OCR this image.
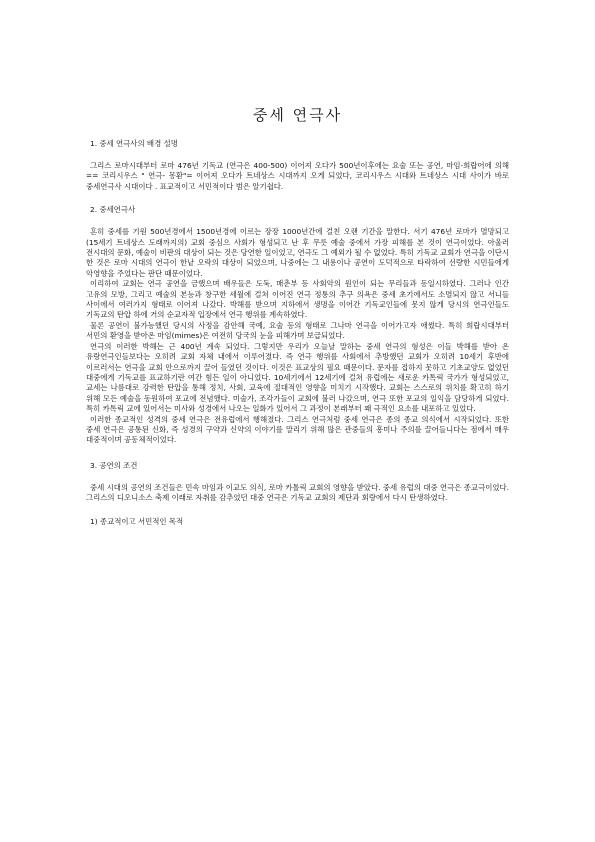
중세 연극사

1. 중세 연극사의 배경 설명

그리스 로마시대부터 로마 476년 기독교 (연극은 400-500) 이어져 오다가 500년이후에는 요술 또는 공연, 마임-희랍어에 의해 == 코리시우스 " 연극- 몽환"= 이어져 오다가 트네상스 시대까지 오게 되었다, 코리시우스 시대와 트네상스 시대 사이가 바로 중세연극사 시대이다 . 표교적이고 서민적이다 범은 알기쉽다.

2. 중세연극사

흔히 중세를 기원 500년경에서 1500년경에 이르는 장장 1000년간에 걸친 오랜 기간을 말한다. 서기 476년 로마가 멸망되고 (15세기 트네상스 도래까지의) 교회 중심으 사회가 형성되고 난 후 무릇 예술 중에서 가장 피해를 본 것이 연극이었다. 아울러 전시대의 문화, 예술이 비판의 대상이 되는 것은 당연한 일이었고, 연극도 그 예외가 될 수 없었다. 특히 기독교 교회가 연극을 이단시 한 것은 로마 시대의 연극이 한낱 오락의 대상이 되었으며, 나중에는 그 내용이나 공연이 도덕적으로 타락하여 선량한 시민들에게 악영향을 주었다는 판단 때문이었다.

이리하여 교회는 연극 공연을 금했으며 배우들은 도둑, 매춘부 등 사회악의 원인이 되는 무리들과 동일시하였다. 그러나 인간 고유의 모방, 그리고 예술의 본능과 창구한 세월에 걸쳐 이어진 연극 정통의 추구 의욕은 중세 초기에서도 소멸되지 않고 서니들 사이에서 여러가지 형태로 이어져 나갔다. 박해를 받으며 지하에서 생명을 이어간 기독교인들에 못지 않게 당시의 연극인들도 기독교의 탄압 하에 거의 순교자적 입장에서 연극 행위를 계속하였다.

물론 공연이 불가능했던 당시의 사정을 감안해 국예, 요술 등의 형태로 그나마 연극을 이어가고자 애썼다. 특히 희랍시대부터 서민의 환영을 받아온 마임(mimes)은 여전히 당국의 눈을 피해가며 보급되었다.

연극의 이러한 박해는 근 400년 계속 되었다. 그렇지만 우리가 오늘날 말하는 중세 연극의 형성은 이들 박해를 받아 온 유랑연극인들보다는 오히려 교회 자체 내에서 이루어졌다. 즉 연극 행위를 사회에서 추방했던 교회가 오히려 10세기 후반에 이르러서는 연극을 교회 안으로까지 끌어 들였던 것이다. 이것은 표교상의 필요 때문이다. 문자를 접하지 못하고 기초교양도 없었던 대중에게 기독교를 표교하기란 여간 힘든 일이 아니었다. 10세기에서 12세기에 걸쳐 유럽에는 새로운 카톡릭 국가가 형성되었고, 교세는 나름대로 강력한 탄압을 통해 정치, 사회, 교육에 절대적인 영향을 미치기 시작했다. 교회는 스스로의 위치를 확고히 하기 위해 모든 예술을 동원하여 포교에 전념했다. 미술가, 조각가들이 교회에 불러 나갔으며, 연극 또한 포교의 일익을 담당하게 되었다. 특히 카톡릭 교에 있어서는 미사와 성경에서 나오는 일화가 있어서 그 과정이 본래부터 꽤 극적인 요소를 내포하고 있었다.

이러한 종교적인 성격의 중세 연극은 전유럽에서 행해졌다. 그리스 연극처럼 중세 연극은 종의 종교 의식에서 시작되었다. 또한 중세 연극은 공통된 신화, 즉 성경의 구약과 신약의 이야기를 말리기 위해 많은 관중들의 흥미나 주의를 끌어들니다는 점에서 매우 대중적이며 공동체적이었다.

3. 공연의 조건

중세 시대의 공연의 조건들은 민속 마임과 이교도 의식, 로마 카톨릭 교회의 영향을 받았다. 중세 유럽의 대중 연극은 종교극이었다. 그리스의 디오니소스 축제 이래로 자취를 감추었던 대중 연극은 기독교 교회의 제단과 회랑에서 다시 탄생하였다.

1) 종교적이고 서민적인 목적
